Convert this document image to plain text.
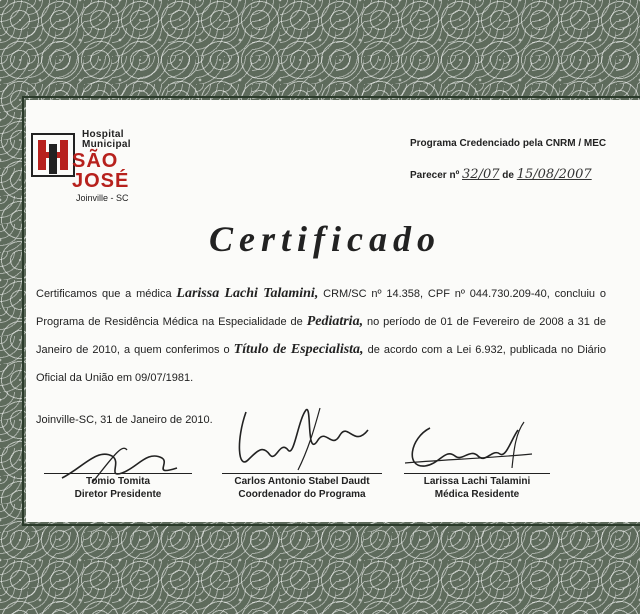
Hospital
Municipal
SÃO
JOSÉ
Joinville - SC
Programa Credenciado pela CNRM / MEC
Parecer nº 32/07 de 15/08/2007
Certificado
Certificamos que a médica Larissa Lachi Talamini, CRM/SC nº 14.358, CPF nº 044.730.209-40, concluiu o Programa de Residência Médica na Especialidade de Pediatria, no período de 01 de Fevereiro de 2008 a 31 de Janeiro de 2010, a quem conferimos o Título de Especialista, de acordo com a Lei 6.932, publicada no Diário Oficial da União em 09/07/1981.
Joinville-SC, 31 de Janeiro de 2010.
Tomio Tomita
Diretor Presidente
Carlos Antonio Stabel Daudt
Coordenador do Programa
Larissa Lachi Talamini
Médica Residente
